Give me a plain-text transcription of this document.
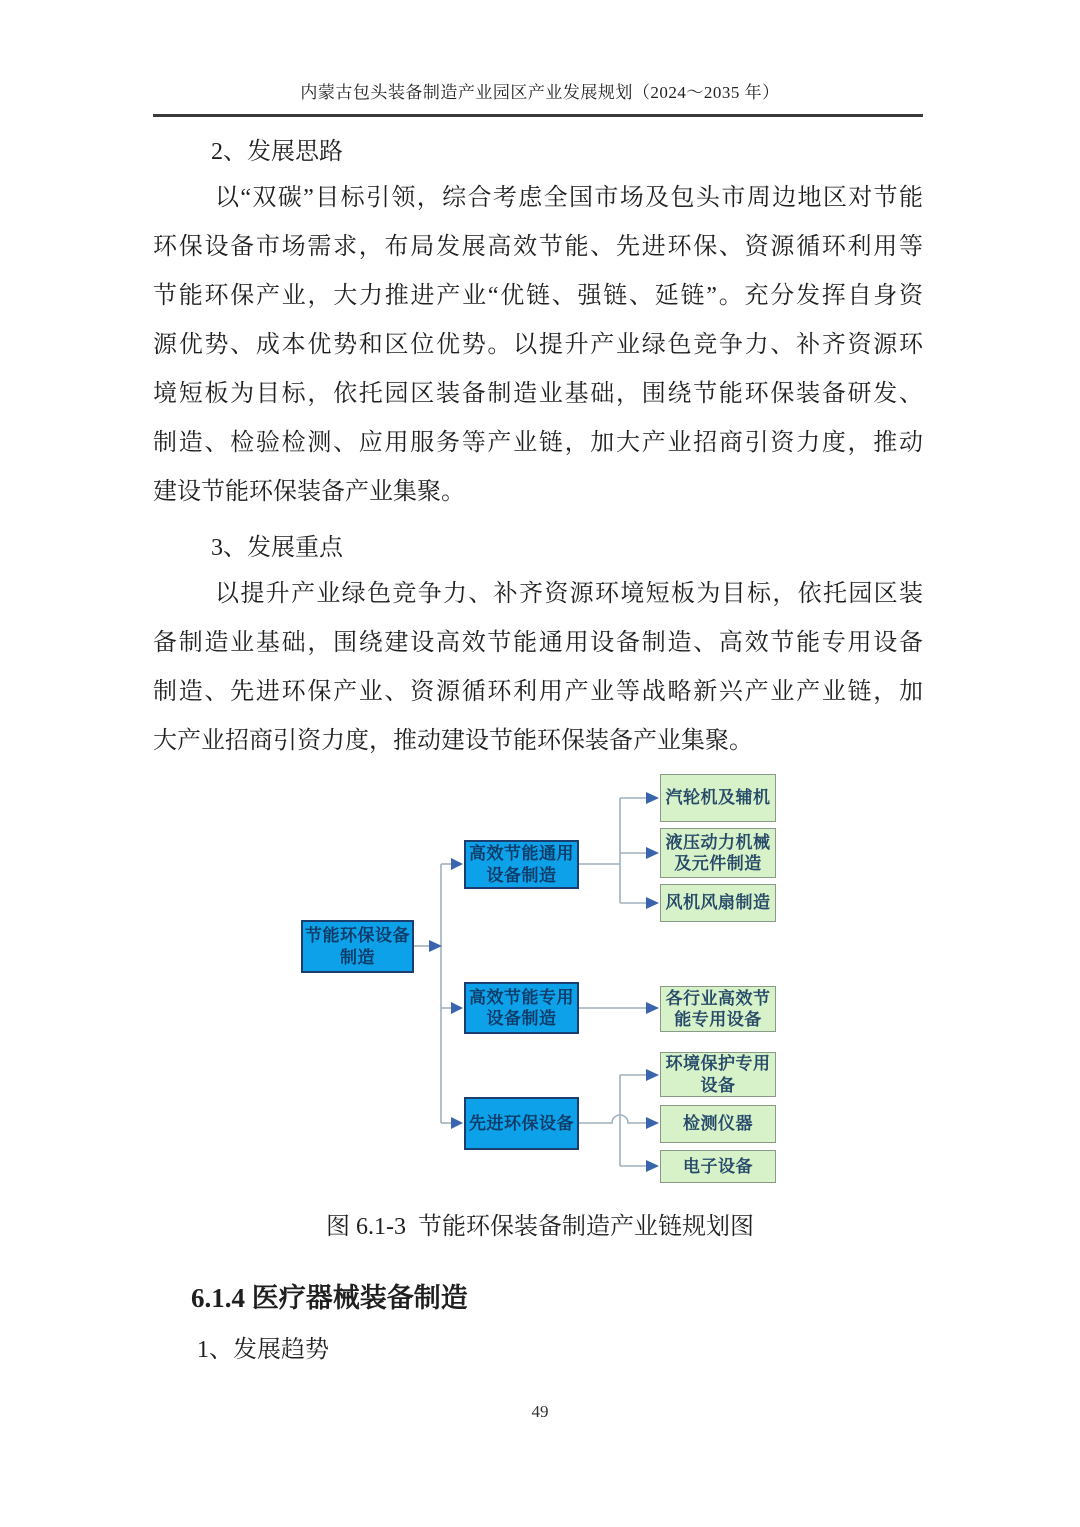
内蒙古包头装备制造产业园区产业发展规划（2024～2035 年）
2、发展思路
以“双碳”目标引领，综合考虑全国市场及包头市周边地区对节能
环保设备市场需求，布局发展高效节能、先进环保、资源循环利用等
节能环保产业，大力推进产业“优链、强链、延链”。充分发挥自身资
源优势、成本优势和区位优势。以提升产业绿色竞争力、补齐资源环
境短板为目标，依托园区装备制造业基础，围绕节能环保装备研发、
制造、检验检测、应用服务等产业链，加大产业招商引资力度，推动
建设节能环保装备产业集聚。
3、发展重点
以提升产业绿色竞争力、补齐资源环境短板为目标，依托园区装
备制造业基础，围绕建设高效节能通用设备制造、高效节能专用设备
制造、先进环保产业、资源循环利用产业等战略新兴产业产业链，加
大产业招商引资力度，推动建设节能环保装备产业集聚。
节能环保设备制造
高效节能通用设备制造
高效节能专用设备制造
先进环保设备
汽轮机及辅机
液压动力机械及元件制造
风机风扇制造
各行业高效节能专用设备
环境保护专用设备
检测仪器
电子设备
图 6.1-3  节能环保装备制造产业链规划图
6.1.4 医疗器械装备制造
1、发展趋势
49
